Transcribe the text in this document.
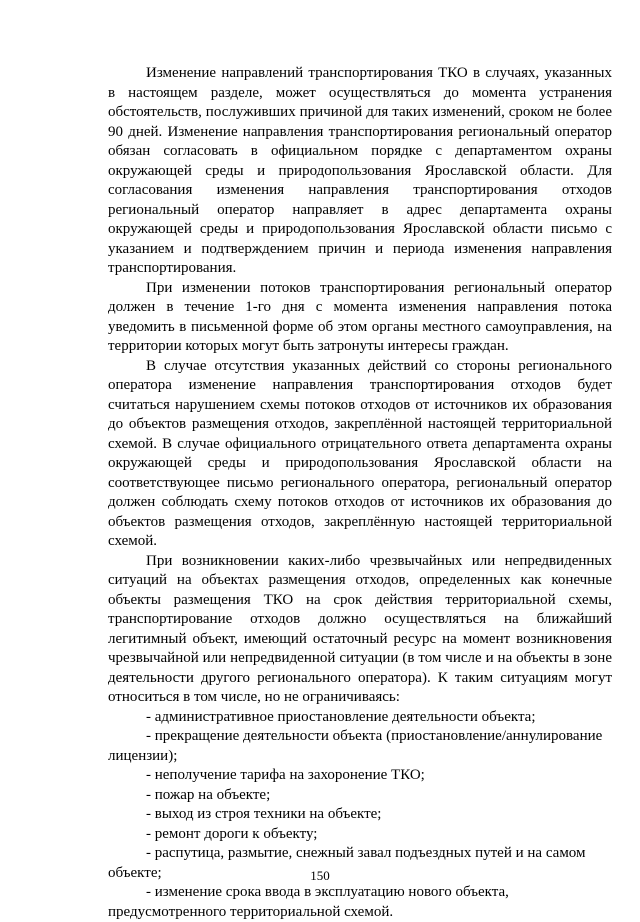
Изменение направлений транспортирования ТКО в случаях, указанных в настоящем разделе, может осуществляться до момента устранения обстоятельств, послуживших причиной для таких изменений, сроком не более 90 дней. Изменение направления транспортирования региональный оператор обязан согласовать в официальном порядке с департаментом охраны окружающей среды и природопользования Ярославской области. Для согласования изменения направления транспортирования отходов региональный оператор направляет в адрес департамента охраны окружающей среды и природопользования Ярославской области письмо с указанием и подтверждением причин и периода изменения направления транспортирования.

При изменении потоков транспортирования региональный оператор должен в течение 1-го дня с момента изменения направления потока уведомить в письменной форме об этом органы местного самоуправления, на территории которых могут быть затронуты интересы граждан.

В случае отсутствия указанных действий со стороны регионального оператора изменение направления транспортирования отходов будет считаться нарушением схемы потоков отходов от источников их образования до объектов размещения отходов, закреплённой настоящей территориальной схемой. В случае официального отрицательного ответа департамента охраны окружающей среды и природопользования Ярославской области на соответствующее письмо регионального оператора, региональный оператор должен соблюдать схему потоков отходов от источников их образования до объектов размещения отходов, закреплённую настоящей территориальной схемой.

При возникновении каких-либо чрезвычайных или непредвиденных ситуаций на объектах размещения отходов, определенных как конечные объекты размещения ТКО на срок действия территориальной схемы, транспортирование отходов должно осуществляться на ближайший легитимный объект, имеющий остаточный ресурс на момент возникновения чрезвычайной или непредвиденной ситуации (в том числе и на объекты в зоне деятельности другого регионального оператора). К таким ситуациям могут относиться в том числе, но не ограничиваясь:

- административное приостановление деятельности объекта;
- прекращение деятельности объекта (приостановление/аннулирование лицензии);
- неполучение тарифа на захоронение ТКО;
- пожар на объекте;
- выход из строя техники на объекте;
- ремонт дороги к объекту;
- распутица, размытие, снежный завал подъездных путей и на самом объекте;
- изменение срока ввода в эксплуатацию нового объекта, предусмотренного территориальной схемой.
150
